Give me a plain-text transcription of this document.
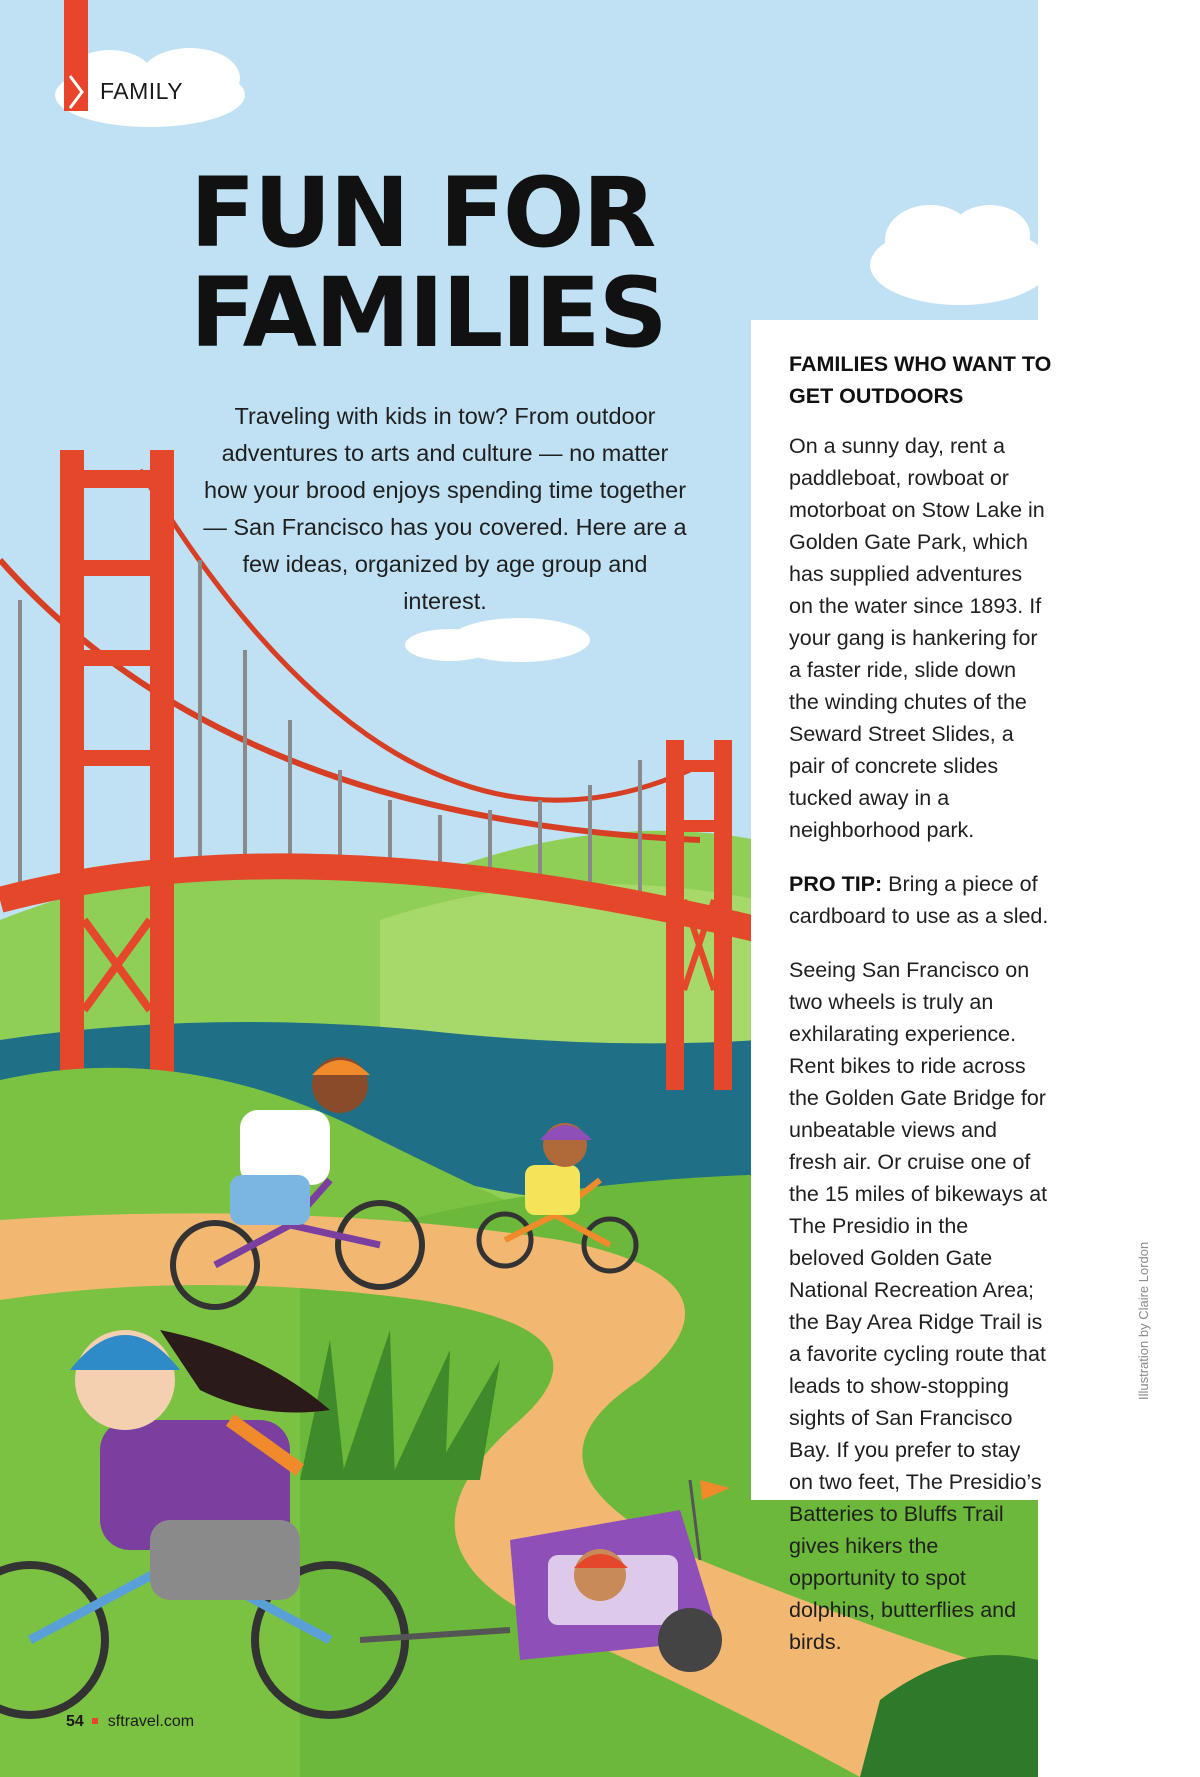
FAMILY
FUN FOR
FAMILIES

Traveling with kids in tow? From outdoor adventures to arts and culture — no matter how your brood enjoys spending time together — San Francisco has you covered. Here are a few ideas, organized by age group and interest.

FAMILIES WHO WANT TO GET OUTDOORS

On a sunny day, rent a paddleboat, rowboat or motorboat on Stow Lake in Golden Gate Park, which has supplied adventures on the water since 1893. If your gang is hankering for a faster ride, slide down the winding chutes of the Seward Street Slides, a pair of concrete slides tucked away in a neighborhood park.

PRO TIP: Bring a piece of cardboard to use as a sled.

Seeing San Francisco on two wheels is truly an exhilarating experience. Rent bikes to ride across the Golden Gate Bridge for unbeatable views and fresh air. Or cruise one of the 15 miles of bikeways at The Presidio in the beloved Golden Gate National Recreation Area; the Bay Area Ridge Trail is a favorite cycling route that leads to show-stopping sights of San Francisco Bay. If you prefer to stay on two feet, The Presidio’s Batteries to Bluffs Trail gives hikers the opportunity to spot dolphins, butterflies and birds.

Illustration by Claire Lordon
54 sftravel.com
